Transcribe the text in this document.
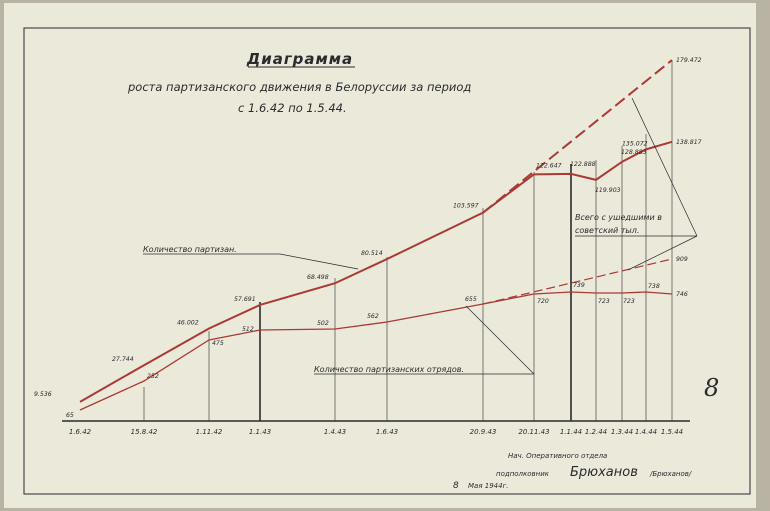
Диаграмма
роста партизанского движения в Белоруссии за период
с 1.6.42 по 1.5.44.
1.6.42	15.8.42	1.11.42	1.1.43	1.4.43	1.6.43	20.9.43	20.11.43 1.1.44 1.2.44 1.3.44 1.4.44 1.5.44
9.536
27.744
46.002
57.691
68.498
80.514
103.597
122.647 122.888
119.903
128.883
135.072	138.817
65
252
475
512
502
562
655	720
739
723 723
738
746
179.472
909
Количество партизан.
Количество партизанских отрядов.
Всего с ушедшими в
советский тыл.
Нач. Оперативного отдела
подполковник Брюханов /Брюханов/
8 Мая 1944г.
8
